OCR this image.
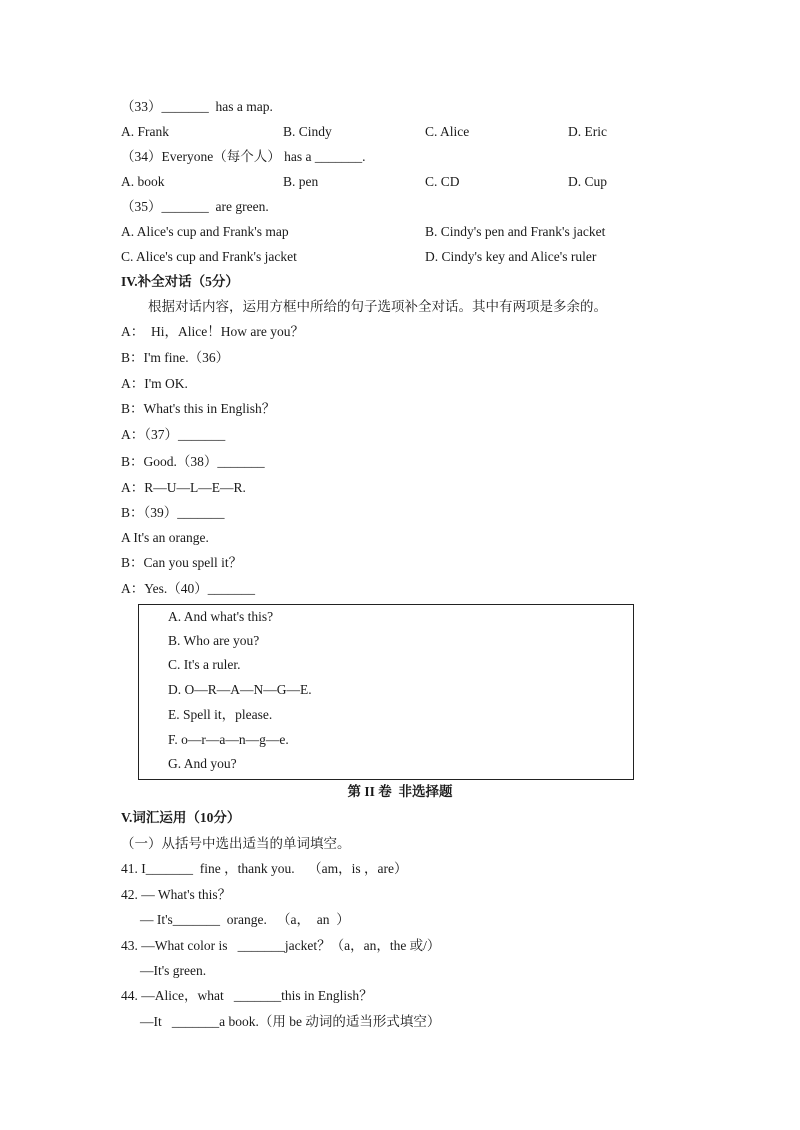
（33）_______  has a map.
A. Frank	B. Cindy	C. Alice	D. Eric
（34）Everyone（每个人） has a _______.
A. book	B. pen	C. CD	D. Cup
（35）_______  are green.
A. Alice's cup and Frank's map	B. Cindy's pen and Frank's jacket
C. Alice's cup and Frank's jacket	D. Cindy's key and Alice's ruler
IV.补全对话（5分）
根据对话内容，运用方框中所给的句子选项补全对话。其中有两项是多余的。
A：  Hi，Alice！How are you？
B：I'm fine.（36）
A：I'm OK.
B：What's this in English？
A：（37）_______
B：Good.（38）_______
A：R—U—L—E—R.
B：（39）_______
A It's an orange.
B：Can you spell it？
A：Yes.（40）_______
A. And what's this?
B. Who are you?
C. It's a ruler.
D. O—R—A—N—G—E.
E. Spell it，please.
F. o—r—a—n—g—e.
G. And you?
第 II 卷  非选择题
V.词汇运用（10分）
（一）从括号中选出适当的单词填空。
41. I_______  fine ，thank you.    （am，is ，are）
42. — What's this？
— It's_______  orange.   （a，  an  ）
43. —What color is   _______jacket？（a，an，the 或/）
—It's green.
44. —Alice，what   _______this in English？
—It   _______a book.（用 be 动词的适当形式填空）
